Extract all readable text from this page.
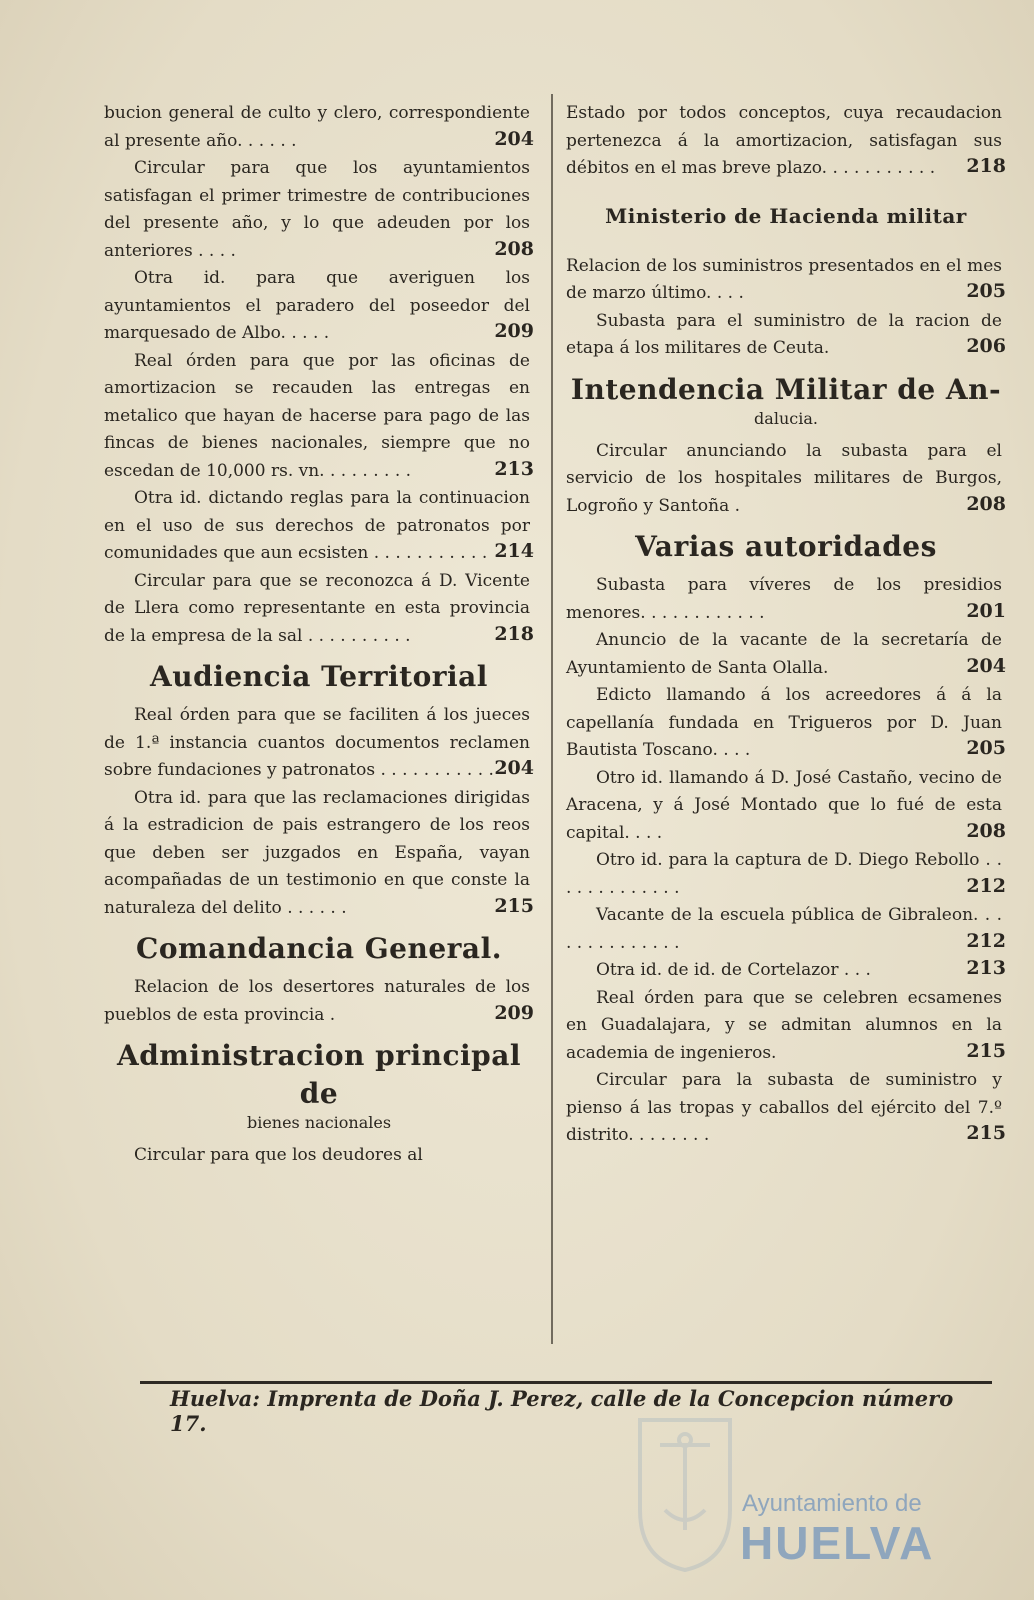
bucion general de culto y clero, correspondiente al presente año. . . . . .	204
Circular para que los ayuntamientos satisfagan el primer trimestre de contribuciones del presente año, y lo que adeuden por los anteriores . . . .	208
Otra id. para que averiguen los ayuntamientos el paradero del poseedor del marquesado de Albo. . . . .	209
Real órden para que por las oficinas de amortizacion se recauden las entregas en metalico que hayan de hacerse para pago de las fincas de bienes nacionales, siempre que no escedan de 10,000 rs. vn. . . . . . . . .	213
Otra id. dictando reglas para la continuacion en el uso de sus derechos de patronatos por comunidades que aun ecsisten . . . . . . . . . . . 214
Circular para que se reconozca á D. Vicente de Llera como representante en esta provincia de la empresa de la sal . . . . . . . . . .	218
Audiencia Territorial
Real órden para que se faciliten á los jueces de 1.ª instancia cuantos documentos reclamen sobre fundaciones y patronatos . . . . . . . . . . . 204
Otra id. para que las reclamaciones dirigidas á la estradicion de pais estrangero de los reos que deben ser juzgados en España, vayan acompañadas de un testimonio en que conste la naturaleza del delito . . . . . .	215
Comandancia General.
Relacion de los desertores naturales de los pueblos de esta provincia .	209
Administracion principal de
bienes nacionales
Circular para que los deudores al
Estado por todos conceptos, cuya recaudacion pertenezca á la amortizacion, satisfagan sus débitos en el mas breve plazo. . . . . . . . . . .	218
Ministerio de Hacienda militar
Relacion de los suministros presentados en el mes de marzo último. . . .	205
Subasta para el suministro de la racion de etapa á los militares de Ceuta.	206
Intendencia Militar de An-
dalucia.
Circular anunciando la subasta para el servicio de los hospitales militares de Burgos, Logroño y Santoña .	208
Varias autoridades
Subasta para víveres de los presidios menores. . . . . . . . . . . .	201
Anuncio de la vacante de la secretaría de Ayuntamiento de Santa Olalla.	204
Edicto llamando á los acreedores á á la capellanía fundada en Trigueros por D. Juan Bautista Toscano. . . .	205
Otro id. llamando á D. José Castaño, vecino de Aracena, y á José Montado que lo fué de esta capital. . . .	208
Otro id. para la captura de D. Diego Rebollo . . . . . . . . . . . . .	212
Vacante de la escuela pública de Gibraleon. . . . . . . . . . . . . .	212
Otra id. de id. de Cortelazor . . .	213
Real órden para que se celebren ecsamenes en Guadalajara, y se admitan alumnos en la academia de ingenieros.	215
Circular para la subasta de suministro y pienso á las tropas y caballos del ejército del 7.º distrito. . . . . . . .	215
Huelva: Imprenta de Doña J. Perez, calle de la Concepcion número 17.
Ayuntamiento de
HUELVA
